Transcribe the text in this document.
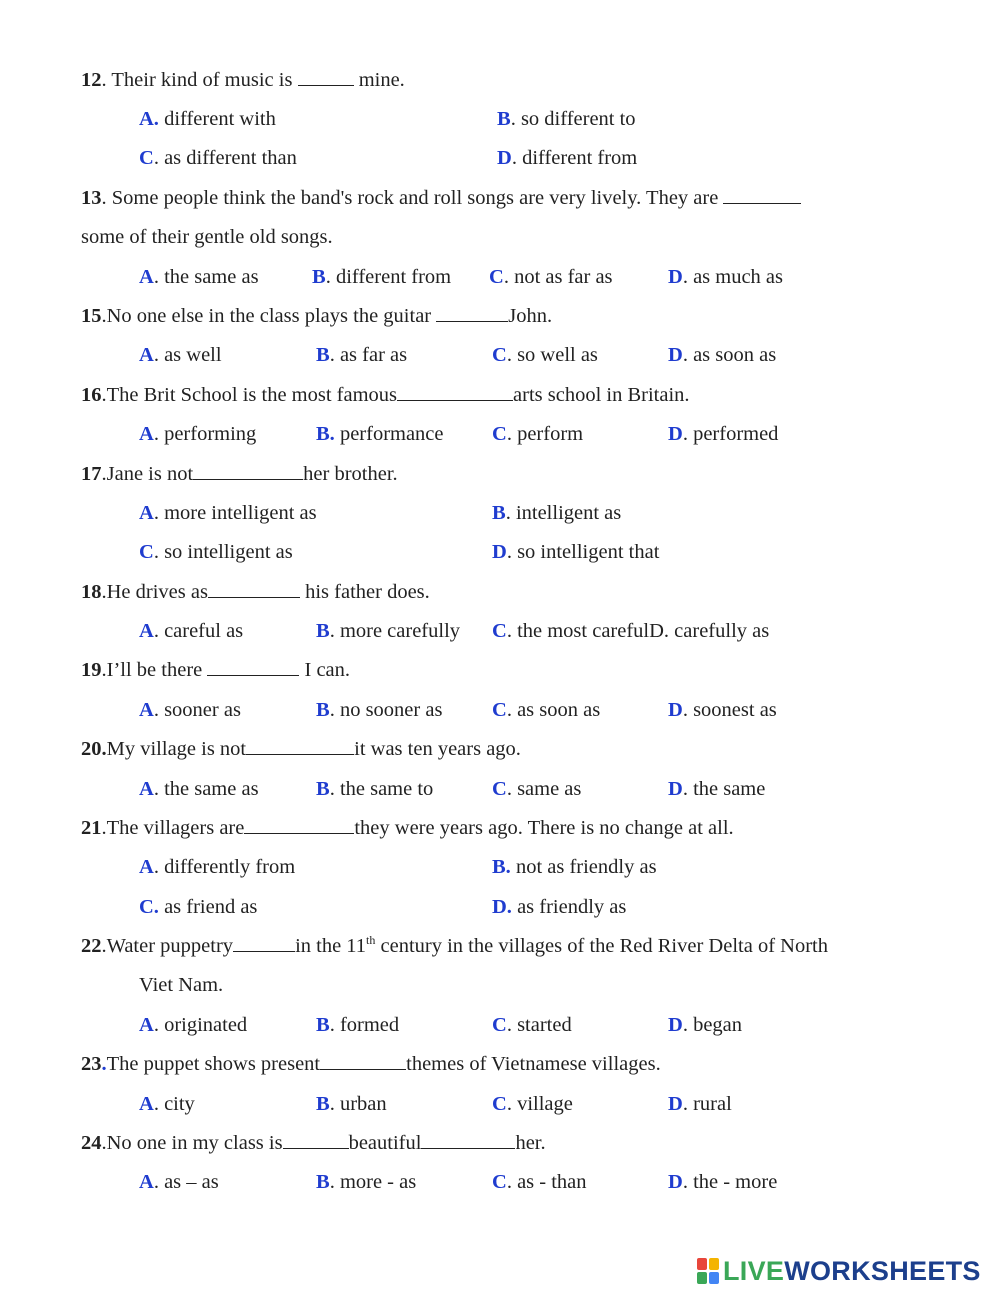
12. Their kind of music is	mine.
A. different with	B. so different to
C. as different than	D. different from
13. Some people think the band's rock and roll songs are very lively. They are
some of their gentle old songs.
A. the same as	B. different from C. not as far as	D. as much as
15.No one else in the class plays the guitar	John.
A. as well	B. as far as	C. so well as	D. as soon as
16.The Brit School is the most famous	arts school in Britain.
A. performing	B. performance C. perform	D. performed
17.Jane is not	her brother.
A. more intelligent as	B. intelligent as
C. so intelligent as	D. so intelligent that
18.He drives as	his father does.
A. careful as	B. more carefully C. the most carefulD. carefully as
19.I’ll be there	I can.
A. sooner as	B. no sooner as C. as soon as	D. soonest as
20.My village is not	it was ten years ago.
A. the same as	B. the same to	C. same as	D. the same
21.The villagers are	they were years ago. There is no change at all.
A. differently from	B. not as friendly as
C. as friend as	D. as friendly as
22.Water puppetry	in the 11th century in the villages of the Red River Delta of North
Viet Nam.
A. originated	B. formed	C. started	D. began
23.The puppet shows present	themes of Vietnamese villages.
A. city	B. urban	C. village	D. rural
24.No one in my class is	beautiful	her.
A. as – as	B. more - as	C. as - than	D. the - more
LIVEWORKSHEETS
